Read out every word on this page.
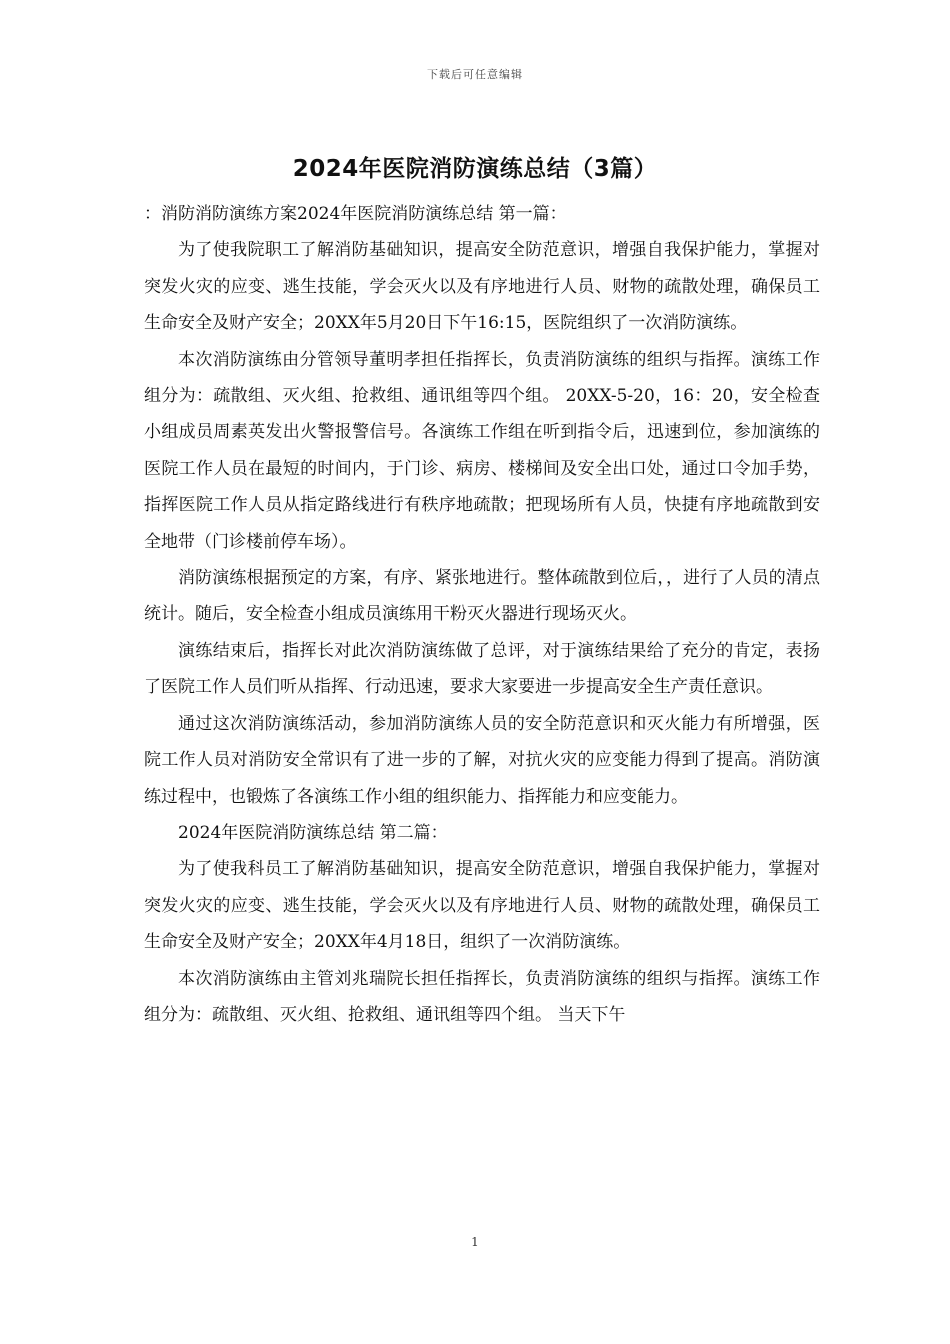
下载后可任意编辑
2024年医院消防演练总结（3篇）

：消防消防演练方案2024年医院消防演练总结 第一篇：

为了使我院职工了解消防基础知识，提高安全防范意识，增强自我保护能力，掌握对突发火灾的应变、逃生技能，学会灭火以及有序地进行人员、财物的疏散处理，确保员工生命安全及财产安全；20XX年5月20日下午16:15，医院组织了一次消防演练。

本次消防演练由分管领导董明孝担任指挥长，负责消防演练的组织与指挥。演练工作组分为：疏散组、灭火组、抢救组、通讯组等四个组。 20XX-5-20，16：20，安全检查小组成员周素英发出火警报警信号。各演练工作组在听到指令后，迅速到位，参加演练的医院工作人员在最短的时间内，于门诊、病房、楼梯间及安全出口处，通过口令加手势，指挥医院工作人员从指定路线进行有秩序地疏散；把现场所有人员，快捷有序地疏散到安全地带（门诊楼前停车场）。

消防演练根据预定的方案，有序、紧张地进行。整体疏散到位后，，进行了人员的清点统计。随后，安全检查小组成员演练用干粉灭火器进行现场灭火。

演练结束后，指挥长对此次消防演练做了总评，对于演练结果给了充分的肯定，表扬了医院工作人员们听从指挥、行动迅速，要求大家要进一步提高安全生产责任意识。

通过这次消防演练活动，参加消防演练人员的安全防范意识和灭火能力有所增强，医院工作人员对消防安全常识有了进一步的了解，对抗火灾的应变能力得到了提高。消防演练过程中，也锻炼了各演练工作小组的组织能力、指挥能力和应变能力。

2024年医院消防演练总结 第二篇：

为了使我科员工了解消防基础知识，提高安全防范意识，增强自我保护能力，掌握对突发火灾的应变、逃生技能，学会灭火以及有序地进行人员、财物的疏散处理，确保员工生命安全及财产安全；20XX年4月18日，组织了一次消防演练。

本次消防演练由主管刘兆瑞院长担任指挥长，负责消防演练的组织与指挥。演练工作组分为：疏散组、灭火组、抢救组、通讯组等四个组。 当天下午

1
